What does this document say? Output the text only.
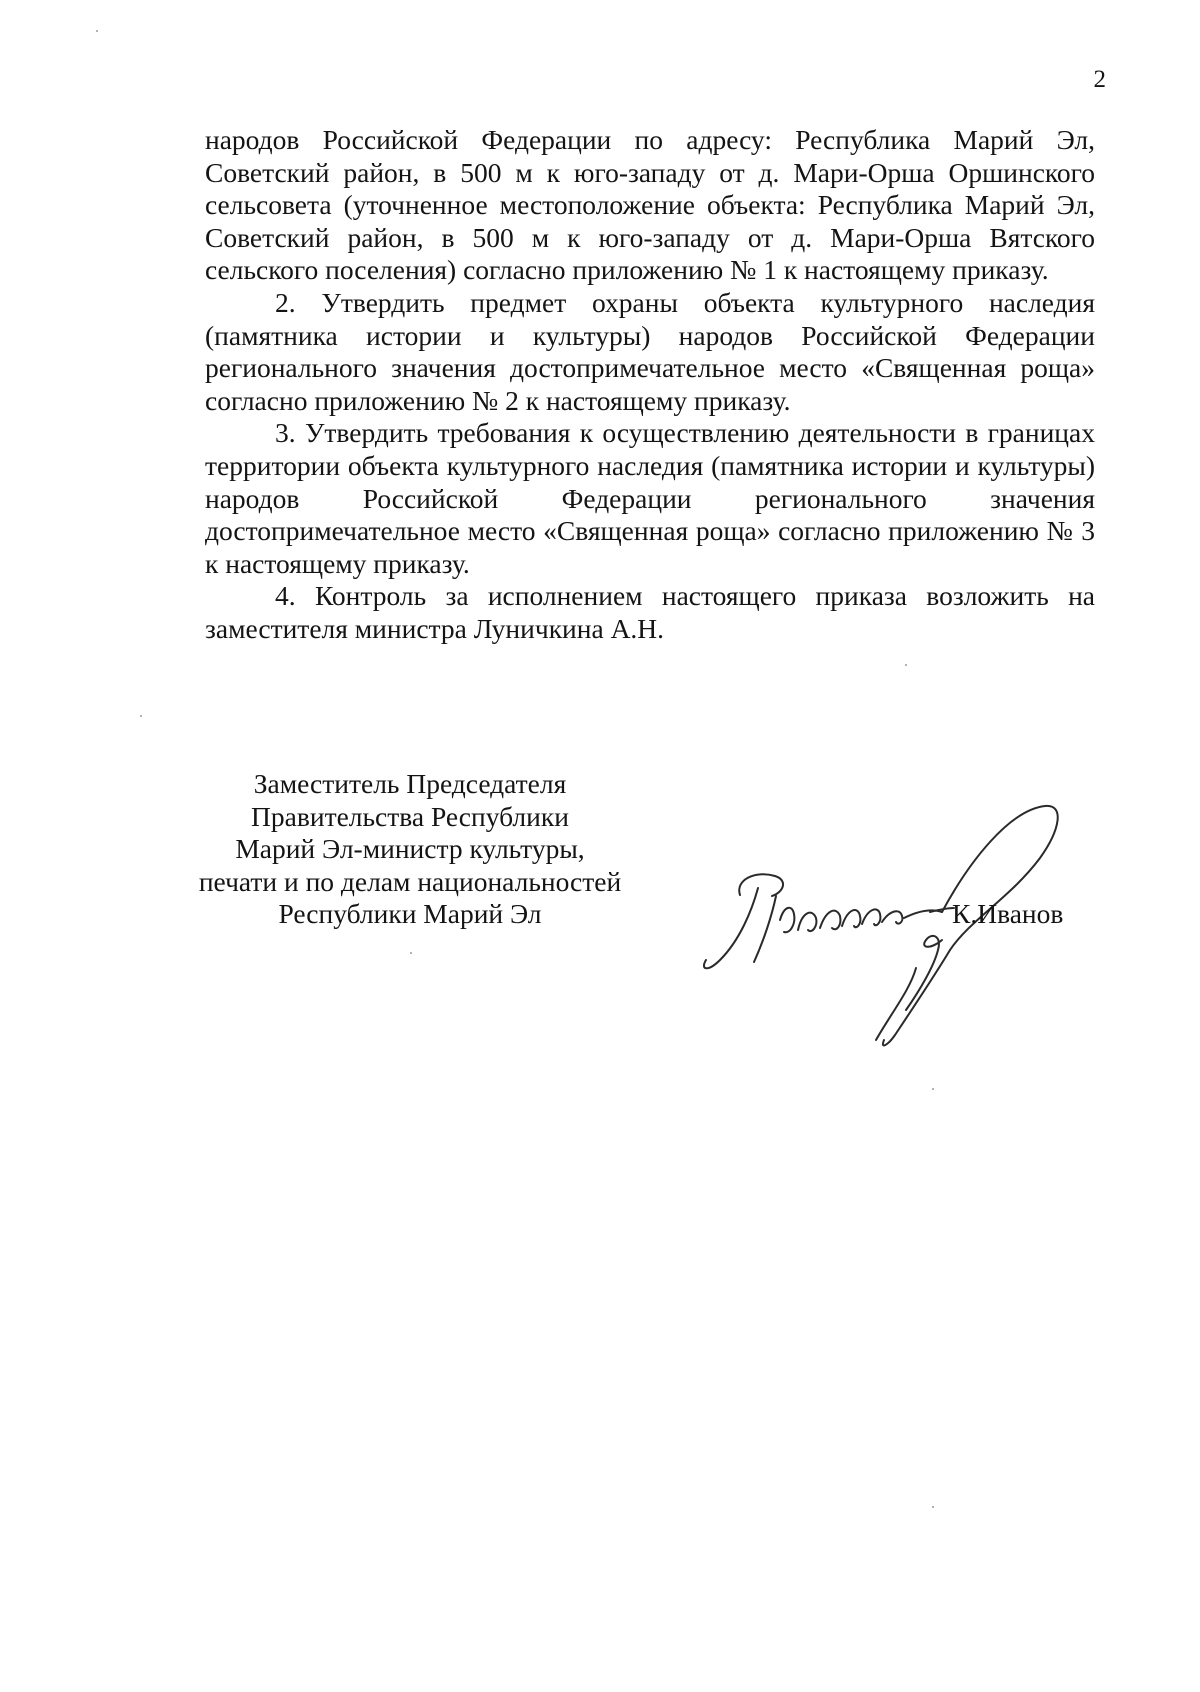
2

народов Российской Федерации по адресу: Республика Марий Эл, Советский район, в 500 м к юго-западу от д. Мари-Орша Оршинского сельсовета (уточненное местоположение объекта: Республика Марий Эл, Советский район, в 500 м к юго-западу от д. Мари-Орша Вятского сельского поселения) согласно приложению № 1 к настоящему приказу.

2. Утвердить предмет охраны объекта культурного наследия (памятника истории и культуры) народов Российской Федерации регионального значения достопримечательное место «Священная роща» согласно приложению № 2 к настоящему приказу.

3. Утвердить требования к осуществлению деятельности в границах территории объекта культурного наследия (памятника истории и культуры) народов Российской Федерации регионального значения достопримечательное место «Священная роща» согласно приложению № 3 к настоящему приказу.

4. Контроль за исполнением настоящего приказа возложить на заместителя министра Луничкина А.Н.

Заместитель Председателя
Правительства Республики
Марий Эл-министр культуры,
печати и по делам национальностей
Республики Марий Эл	К.Иванов
